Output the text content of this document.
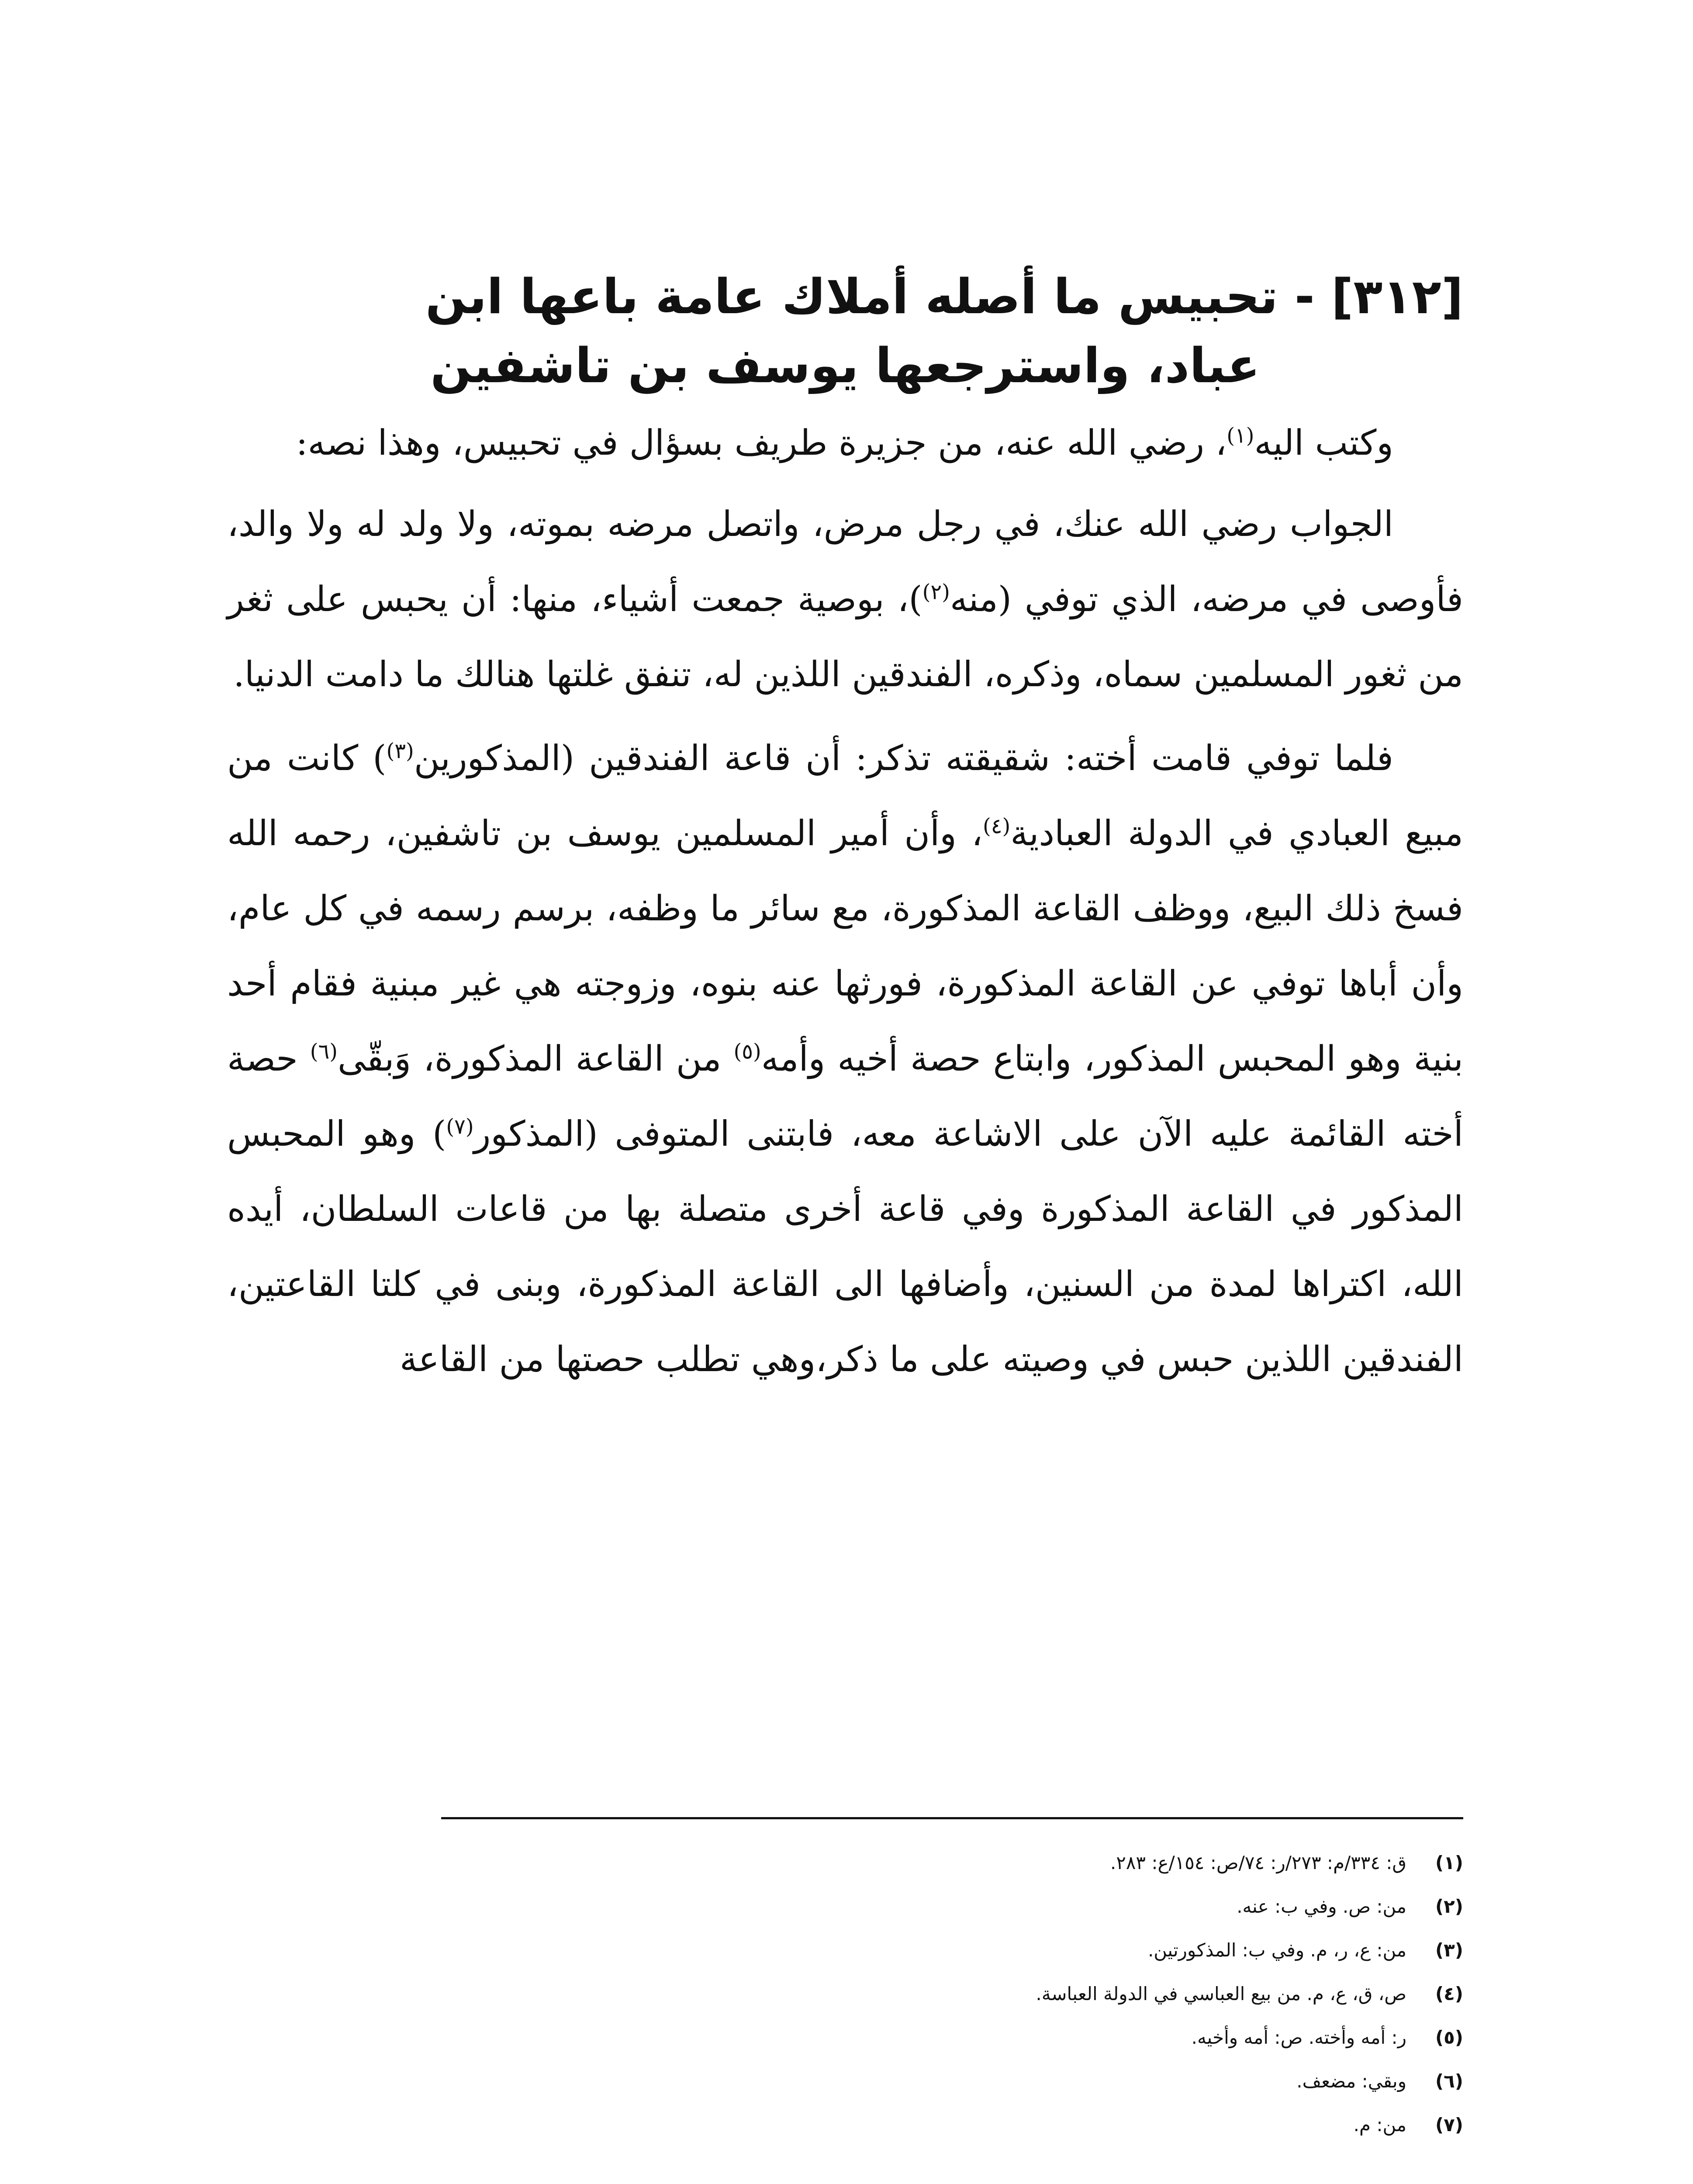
[٣١٢] - تحبيس ما أصله أملاك عامة باعها ابن
عباد، واسترجعها يوسف بن تاشفين

وكتب اليه$^{(١)}$، رضي الله عنه، من جزيرة طريف بسؤال في تحبيس، وهذا نصه:

الجواب رضي الله عنك، في رجل مرض، واتصل مرضه بموته، ولا ولد له ولا والد، فأوصى في مرضه، الذي توفي (منه$^{(٢)}$)، بوصية جمعت أشياء، منها: أن يحبس على ثغر من ثغور المسلمين سماه، وذكره، الفندقين اللذين له، تنفق غلتها هنالك ما دامت الدنيا.

فلما توفي قامت أخته: شقيقته تذكر: أن قاعة الفندقين (المذكورين$^{(٣)}$) كانت من مبيع العبادي في الدولة العبادية$^{(٤)}$، وأن أمير المسلمين يوسف بن تاشفين، رحمه الله فسخ ذلك البيع، ووظف القاعة المذكورة، مع سائر ما وظفه، برسم رسمه في كل عام، وأن أباها توفي عن القاعة المذكورة، فورثها عنه بنوه، وزوجته هي غير مبنية فقام أحد بنية وهو المحبس المذكور، وابتاع حصة أخيه وأمه$^{(٥)}$ من القاعة المذكورة، وَبقّى$^{(٦)}$ حصة أخته القائمة عليه الآن على الاشاعة معه، فابتنى المتوفى (المذكور$^{(٧)}$) وهو المحبس المذكور في القاعة المذكورة وفي قاعة أخرى متصلة بها من قاعات السلطان، أيده الله، اكتراها لمدة من السنين، وأضافها الى القاعة المذكورة، وبنى في كلتا القاعتين، الفندقين اللذين حبس في وصيته على ما ذكر،وهي تطلب حصتها من القاعة

(١)ق: ٣٣٤/م: ٢٧٣/ر: ٧٤/ص: ١٥٤/ع: ٢٨٣.
(٢)من: ص. وفي ب: عنه.
(٣)من: ع، ر، م. وفي ب: المذكورتين.
(٤)ص، ق، ع، م. من بيع العباسي في الدولة العباسة.
(٥)ر: أمه وأخته. ص: أمه وأخيه.
(٦)وبقي: مضعف.
(٧)من: م.
